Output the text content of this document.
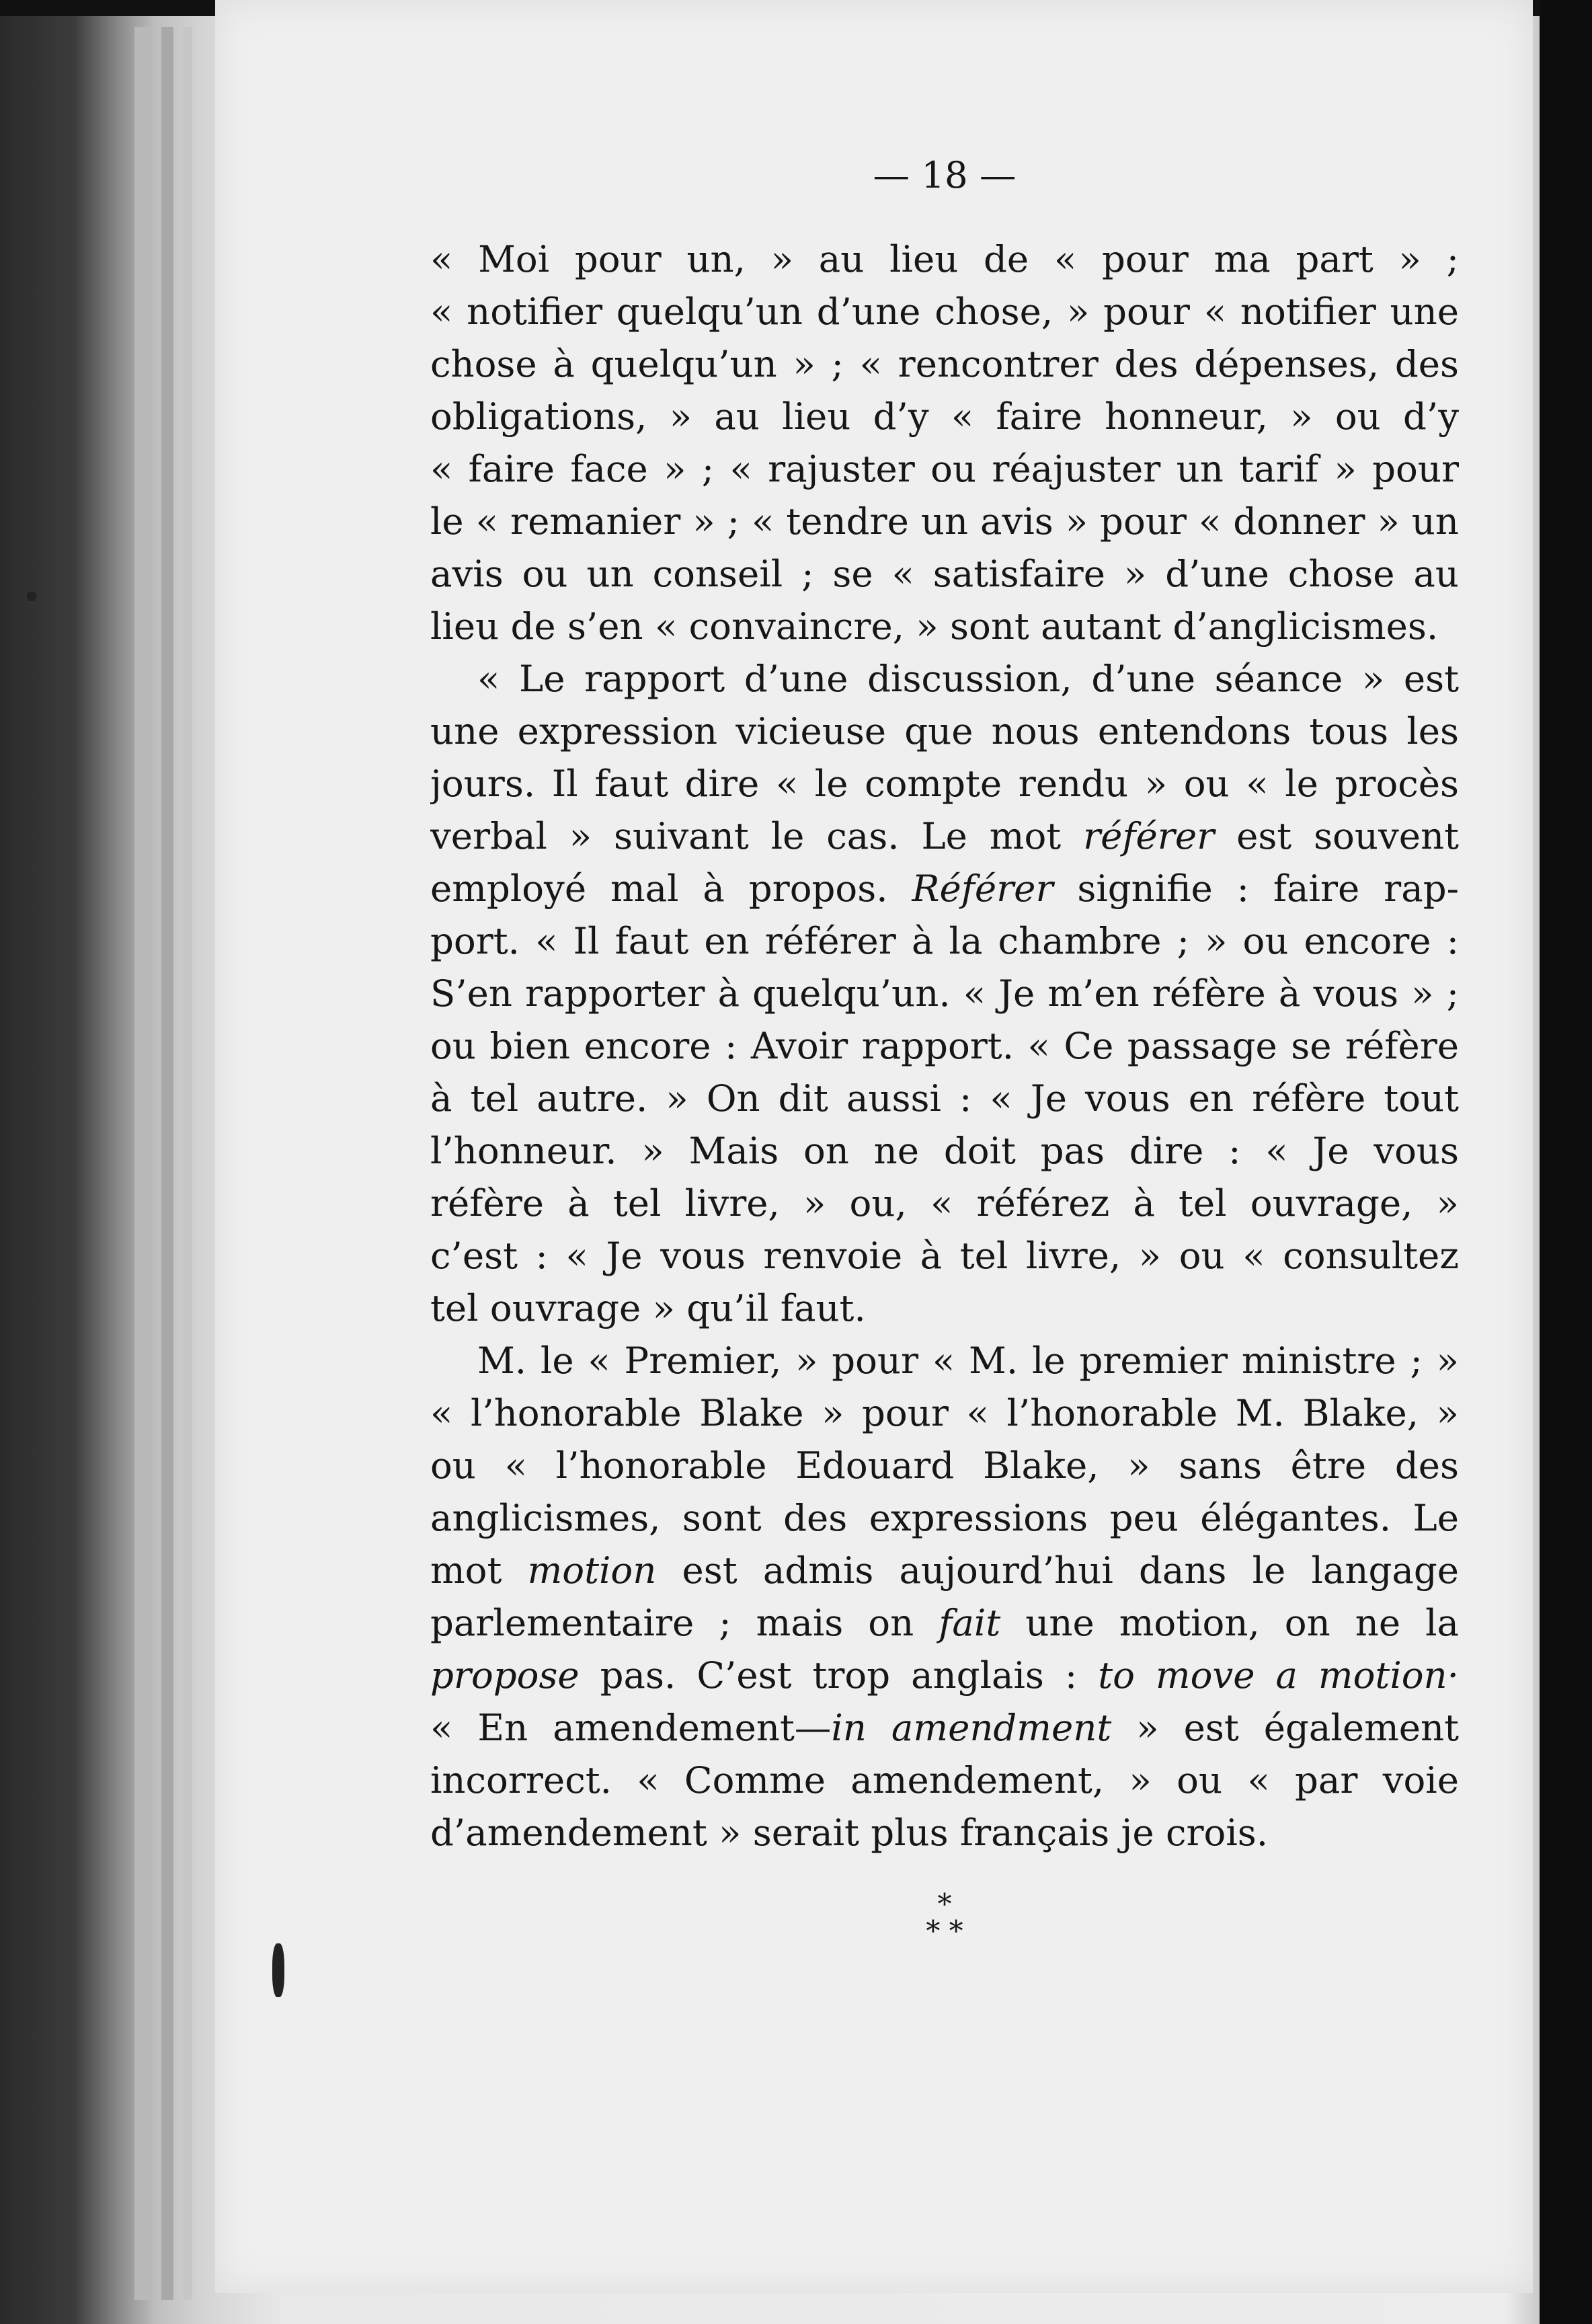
— 18 —
« Moi pour un, » au lieu de « pour ma part » ;
« notifier quelqu’un d’une chose, » pour « notifier une
chose à quelqu’un » ; « rencontrer des dépenses, des
obligations, » au lieu d’y « faire honneur, » ou d’y
« faire face » ; « rajuster ou réajuster un tarif » pour
le « remanier » ; « tendre un avis » pour « donner » un
avis ou un conseil ; se « satisfaire » d’une chose au
lieu de s’en « convaincre, » sont autant d’anglicismes.
« Le rapport d’une discussion, d’une séance » est
une expression vicieuse que nous entendons tous les
jours. Il faut dire « le compte rendu » ou « le procès
verbal » suivant le cas. Le mot référer est souvent
employé mal à propos. Référer signifie : faire rap-
port. « Il faut en référer à la chambre ; » ou encore :
S’en rapporter à quelqu’un. « Je m’en réfère à vous » ;
ou bien encore : Avoir rapport. « Ce passage se réfère
à tel autre. » On dit aussi : « Je vous en réfère tout
l’honneur. » Mais on ne doit pas dire : « Je vous
réfère à tel livre, » ou, « référez à tel ouvrage, »
c’est : « Je vous renvoie à tel livre, » ou « consultez
tel ouvrage » qu’il faut.
M. le « Premier, » pour « M. le premier ministre ; »
« l’honorable Blake » pour « l’honorable M. Blake, »
ou « l’honorable Edouard Blake, » sans être des
anglicismes, sont des expressions peu élégantes. Le
mot motion est admis aujourd’hui dans le langage
parlementaire ; mais on fait une motion, on ne la
propose pas. C’est trop anglais : to move a motion·
« En amendement—in amendment » est également
incorrect. « Comme amendement, » ou « par voie
d’amendement » serait plus français je crois.
*
* *
